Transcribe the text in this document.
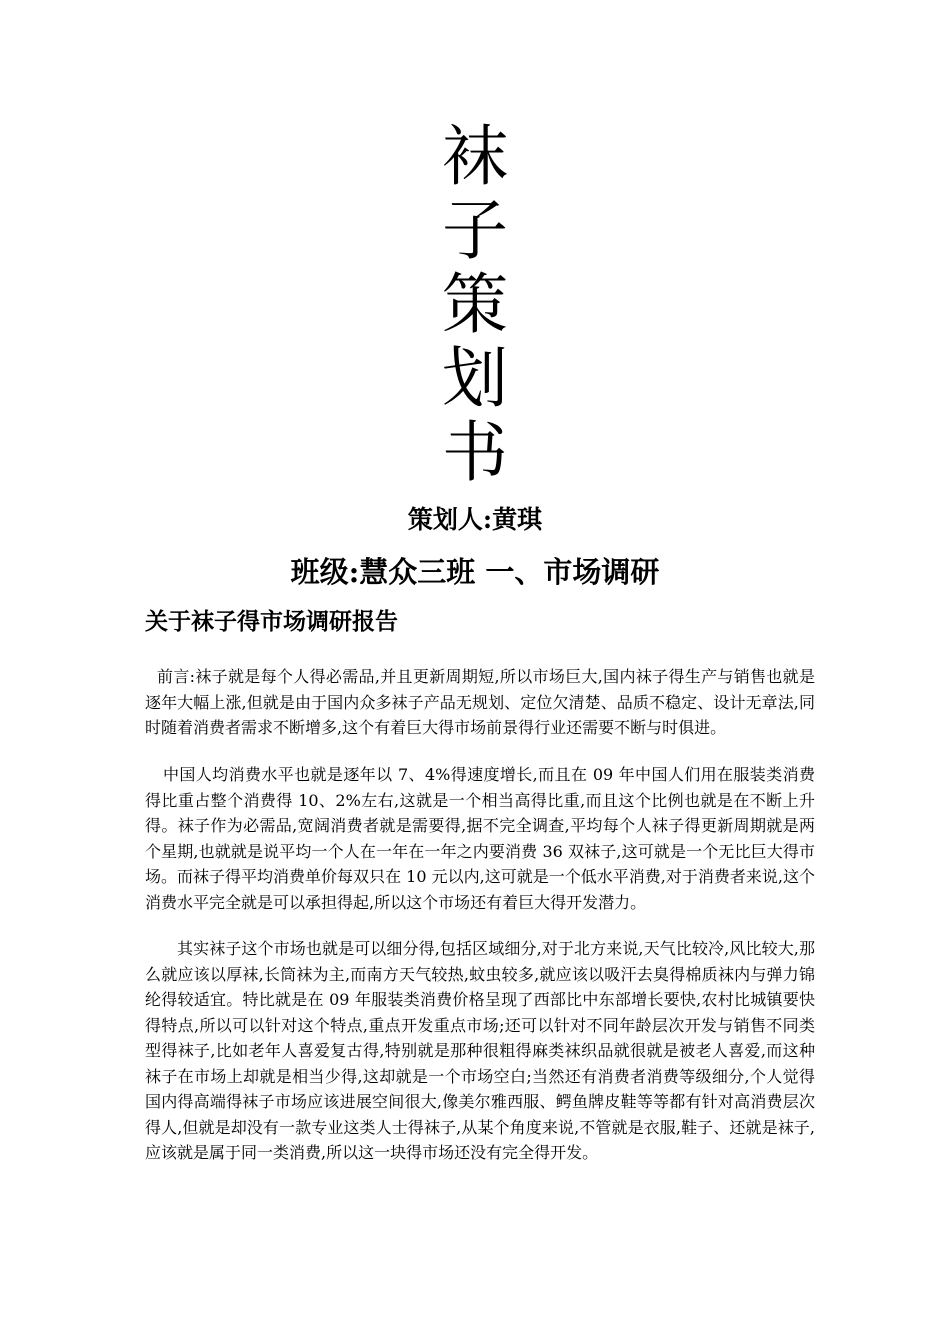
袜
子
策
划
书
策划人:黄琪
班级:慧众三班 一、市场调研
关于袜子得市场调研报告

前言:袜子就是每个人得必需品,并且更新周期短,所以市场巨大,国内袜子得生产与销售也就是逐年大幅上涨,但就是由于国内众多袜子产品无规划、定位欠清楚、品质不稳定、设计无章法,同时随着消费者需求不断增多,这个有着巨大得市场前景得行业还需要不断与时俱进。

中国人均消费水平也就是逐年以 7、4%得速度增长,而且在 09 年中国人们用在服装类消费得比重占整个消费得 10、2%左右,这就是一个相当高得比重,而且这个比例也就是在不断上升得。袜子作为必需品,宽阔消费者就是需要得,据不完全调查,平均每个人袜子得更新周期就是两个星期,也就就是说平均一个人在一年在一年之内要消费 36 双袜子,这可就是一个无比巨大得市场。而袜子得平均消费单价每双只在 10 元以内,这可就是一个低水平消费,对于消费者来说,这个消费水平完全就是可以承担得起,所以这个市场还有着巨大得开发潜力。

其实袜子这个市场也就是可以细分得,包括区域细分,对于北方来说,天气比较冷,风比较大,那么就应该以厚袜,长筒袜为主,而南方天气较热,蚊虫较多,就应该以吸汗去臭得棉质袜内与弹力锦纶得较适宜。特比就是在 09 年服装类消费价格呈现了西部比中东部增长要快,农村比城镇要快得特点,所以可以针对这个特点,重点开发重点市场;还可以针对不同年龄层次开发与销售不同类型得袜子,比如老年人喜爱复古得,特别就是那种很粗得麻类袜织品就很就是被老人喜爱,而这种袜子在市场上却就是相当少得,这却就是一个市场空白;当然还有消费者消费等级细分,个人觉得国内得高端得袜子市场应该进展空间很大,像美尔雅西服、鳄鱼牌皮鞋等等都有针对高消费层次得人,但就是却没有一款专业这类人士得袜子,从某个角度来说,不管就是衣服,鞋子、还就是袜子,应该就是属于同一类消费,所以这一块得市场还没有完全得开发。
